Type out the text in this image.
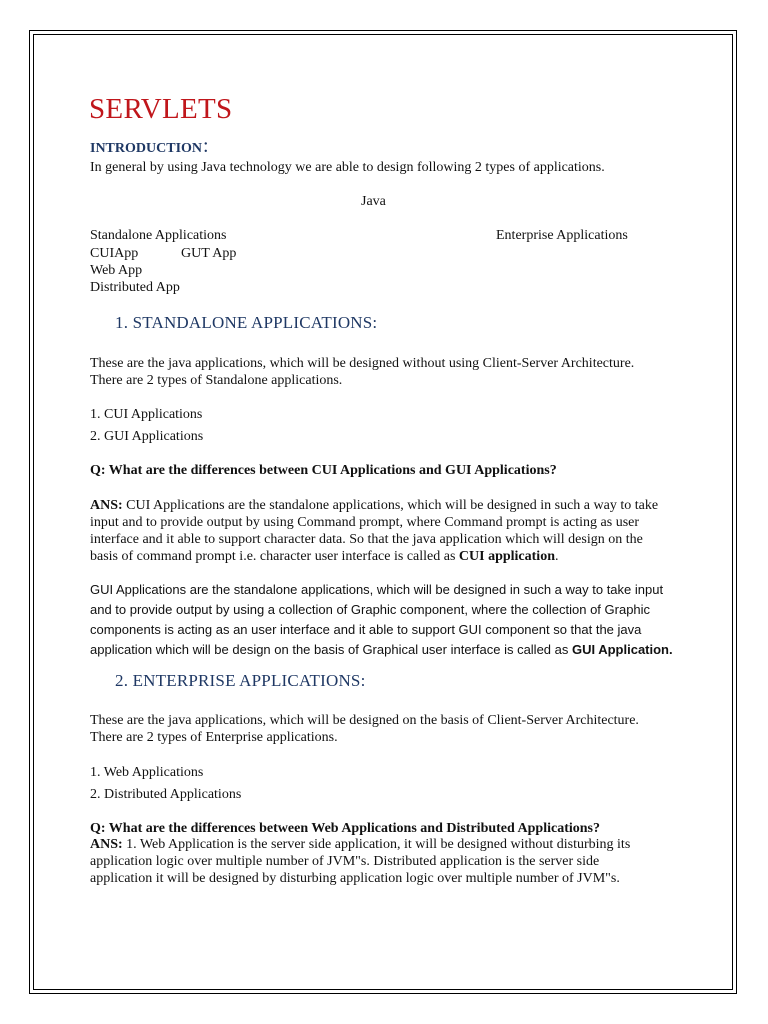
SERVLETS
INTRODUCTION:
In general by using Java technology we are able to design following 2 types of applications.
Java
Standalone Applications	Enterprise Applications
CUIApp	GUT App
Web App
Distributed App
1. STANDALONE APPLICATIONS:
These are the java applications, which will be designed without using Client-Server Architecture.
There are 2 types of Standalone applications.
1. CUI Applications
2. GUI Applications
Q: What are the differences between CUI Applications and GUI Applications?
ANS: CUI Applications are the standalone applications, which will be designed in such a way to take
input and to provide output by using Command prompt, where Command prompt is acting as user
interface and it able to support character data. So that the java application which will design on the
basis of command prompt i.e. character user interface is called as CUI application.
GUI Applications are the standalone applications, which will be designed in such a way to take input
and to provide output by using a collection of Graphic component, where the collection of Graphic
components is acting as an user interface and it able to support GUI component so that the java
application which will be design on the basis of Graphical user interface is called as GUI Application.
2. ENTERPRISE APPLICATIONS:
These are the java applications, which will be designed on the basis of Client-Server Architecture.
There are 2 types of Enterprise applications.
1. Web Applications
2. Distributed Applications
Q: What are the differences between Web Applications and Distributed Applications?
ANS: 1. Web Application is the server side application, it will be designed without disturbing its
application logic over multiple number of JVM"s. Distributed application is the server side
application it will be designed by disturbing application logic over multiple number of JVM"s.
